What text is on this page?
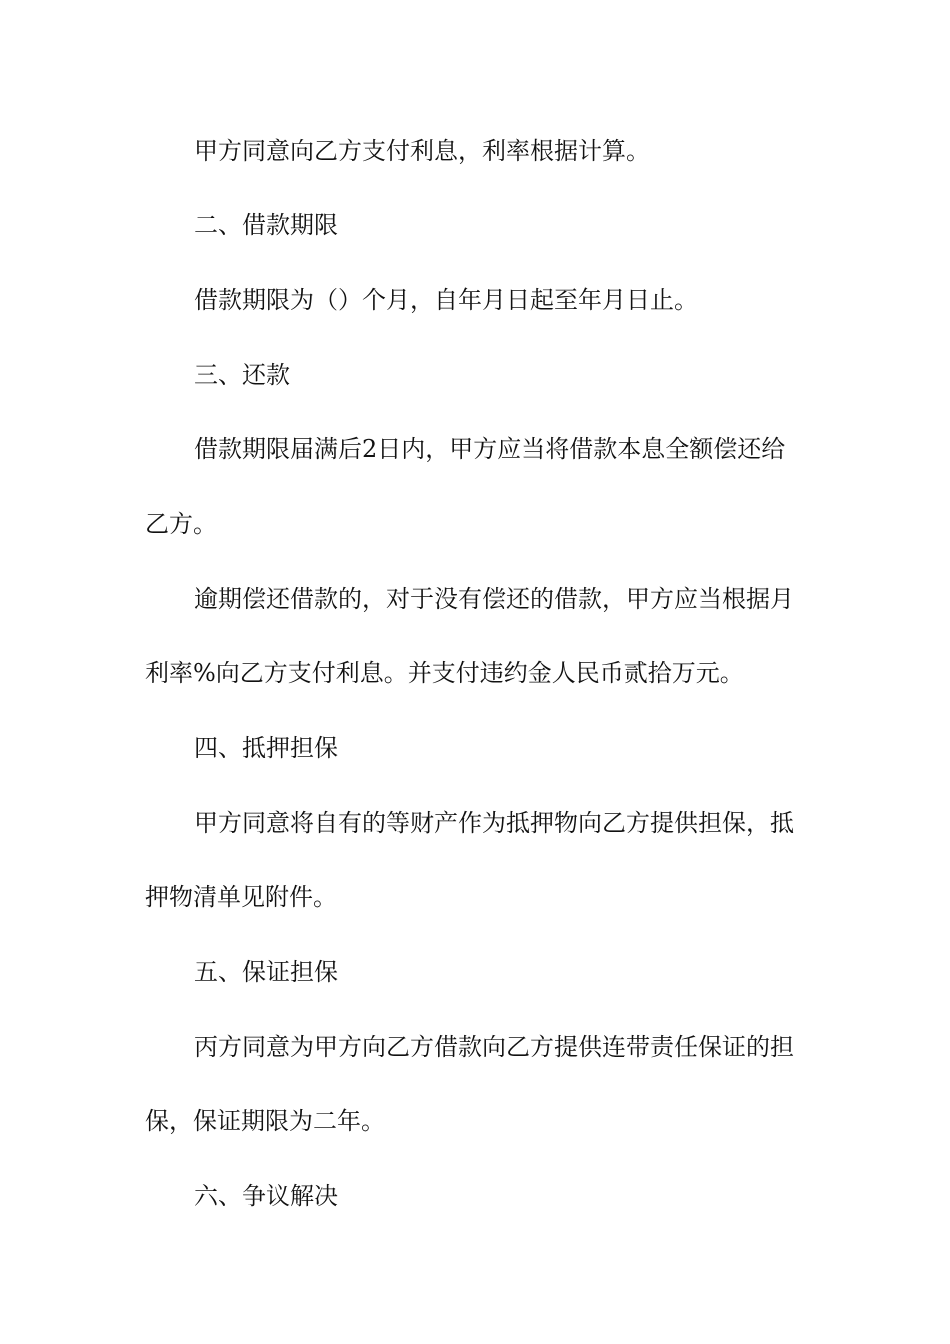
甲方同意向乙方支付利息，利率根据计算。
二、借款期限
借款期限为（）个月，自年月日起至年月日止。
三、还款
借款期限届满后2日内，甲方应当将借款本息全额偿还给
乙方。
逾期偿还借款的，对于没有偿还的借款，甲方应当根据月
利率%向乙方支付利息。并支付违约金人民币贰拾万元。
四、抵押担保
甲方同意将自有的等财产作为抵押物向乙方提供担保，抵
押物清单见附件。
五、保证担保
丙方同意为甲方向乙方借款向乙方提供连带责任保证的担
保，保证期限为二年。
六、争议解决
